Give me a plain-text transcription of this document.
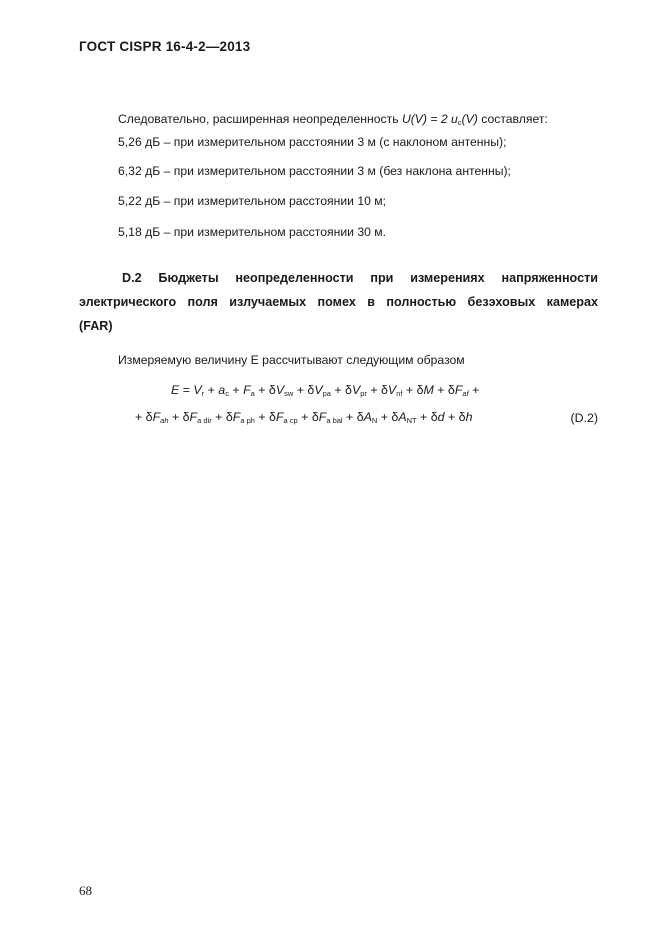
ГОСТ CISPR 16-4-2—2013
Следовательно, расширенная неопределенность U(V) = 2 $u_c(V)$ составляет:
5,26 дБ – при измерительном расстоянии 3 м (с наклоном антенны);
6,32 дБ – при измерительном расстоянии 3 м (без наклона антенны);
5,22 дБ – при измерительном расстоянии 10 м;
5,18 дБ – при измерительном расстоянии 30 м.
D.2 Бюджеты неопределенности при измерениях напряженности
электрического поля излучаемых помех в полностью безэховых камерах
(FAR)
Измеряемую величину E рассчитывают следующим образом
$E = V_r + a_c + F_a + \delta V_{sw} + \delta V_{pa} + \delta V_{pr} + \delta V_{nf} + \delta M + \delta F_{af}$ +
+ $\delta F_{ah} + \delta F_{a dir} + \delta F_{a ph} + \delta F_{a cp} + \delta F_{a bal} + \delta A_N + \delta A_{NT} + \delta d + \delta h$	(D.2)
68
